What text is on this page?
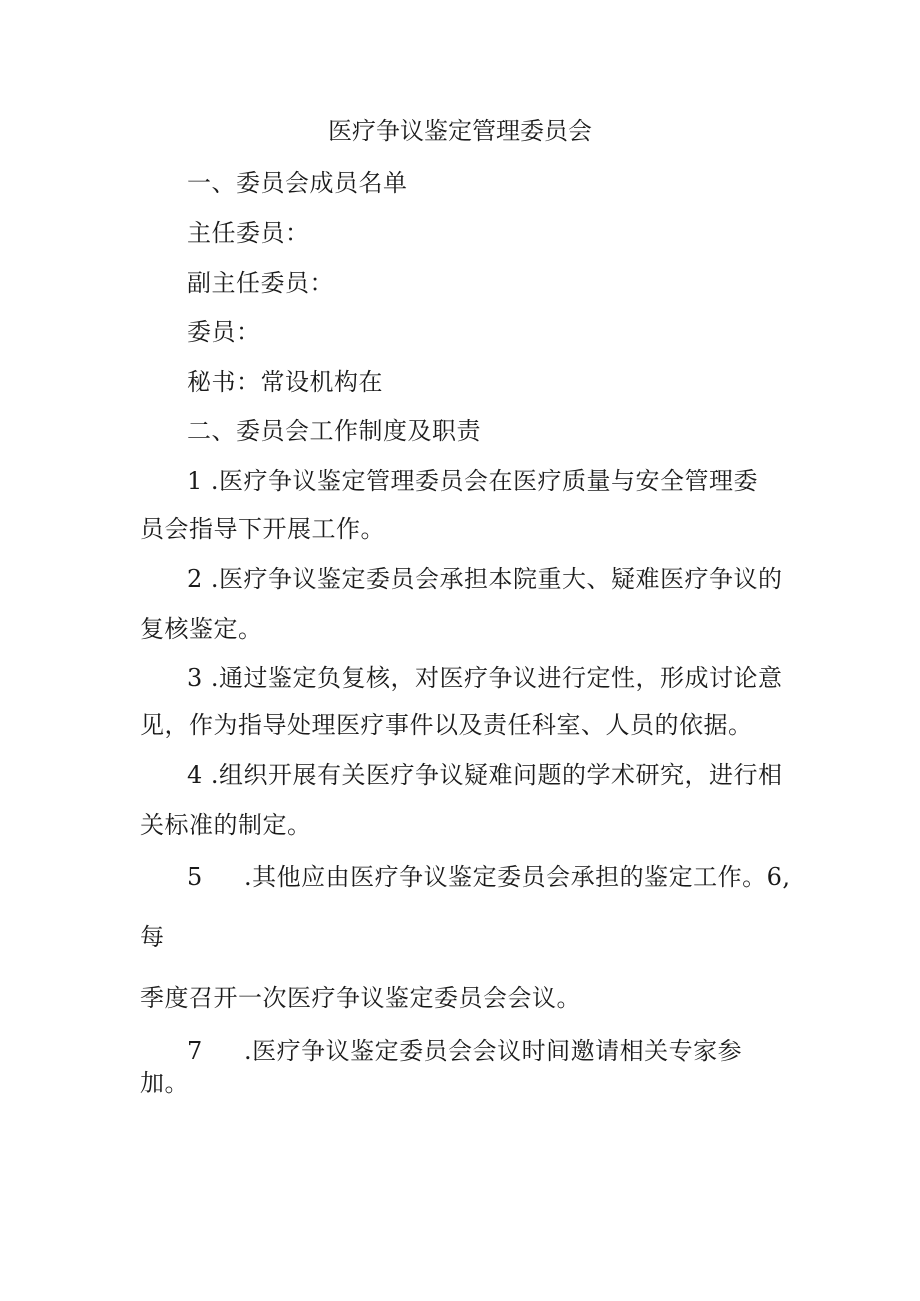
医疗争议鉴定管理委员会
一、委员会成员名单
主任委员：
副主任委员：
委员：
秘书：常设机构在
二、委员会工作制度及职责
1 .医疗争议鉴定管理委员会在医疗质量与安全管理委
员会指导下开展工作。
2 .医疗争议鉴定委员会承担本院重大、疑难医疗争议的
复核鉴定。
3 .通过鉴定负复核，对医疗争议进行定性，形成讨论意
见，作为指导处理医疗事件以及责任科室、人员的依据。
4 .组织开展有关医疗争议疑难问题的学术研究，进行相
关标准的制定。
5 .其他应由医疗争议鉴定委员会承担的鉴定工作。6,
每
季度召开一次医疗争议鉴定委员会会议。
7 .医疗争议鉴定委员会会议时间邀请相关专家参
加。
